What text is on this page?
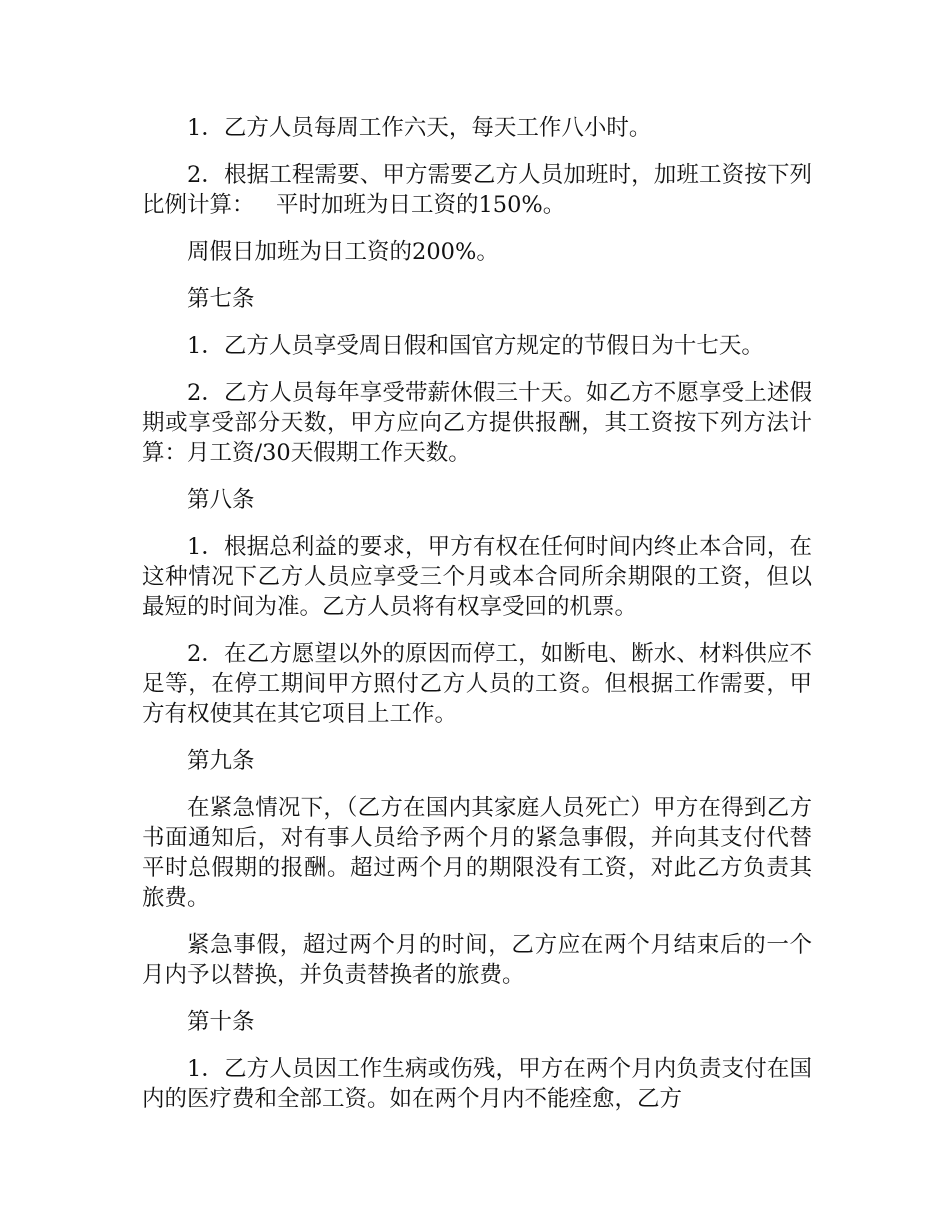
1．乙方人员每周工作六天，每天工作八小时。

2．根据工程需要、甲方需要乙方人员加班时，加班工资按下列比例计算：   平时加班为日工资的150%。

周假日加班为日工资的200%。

第七条

1．乙方人员享受周日假和国官方规定的节假日为十七天。

2．乙方人员每年享受带薪休假三十天。如乙方不愿享受上述假期或享受部分天数，甲方应向乙方提供报酬，其工资按下列方法计算：月工资/30天假期工作天数。

第八条

1．根据总利益的要求，甲方有权在任何时间内终止本合同，在这种情况下乙方人员应享受三个月或本合同所余期限的工资，但以最短的时间为准。乙方人员将有权享受回的机票。

2．在乙方愿望以外的原因而停工，如断电、断水、材料供应不足等，在停工期间甲方照付乙方人员的工资。但根据工作需要，甲方有权使其在其它项目上工作。

第九条

在紧急情况下，（乙方在国内其家庭人员死亡）甲方在得到乙方书面通知后，对有事人员给予两个月的紧急事假，并向其支付代替平时总假期的报酬。超过两个月的期限没有工资，对此乙方负责其旅费。

紧急事假，超过两个月的时间，乙方应在两个月结束后的一个月内予以替换，并负责替换者的旅费。

第十条

1．乙方人员因工作生病或伤残，甲方在两个月内负责支付在国内的医疗费和全部工资。如在两个月内不能痊愈，乙方
